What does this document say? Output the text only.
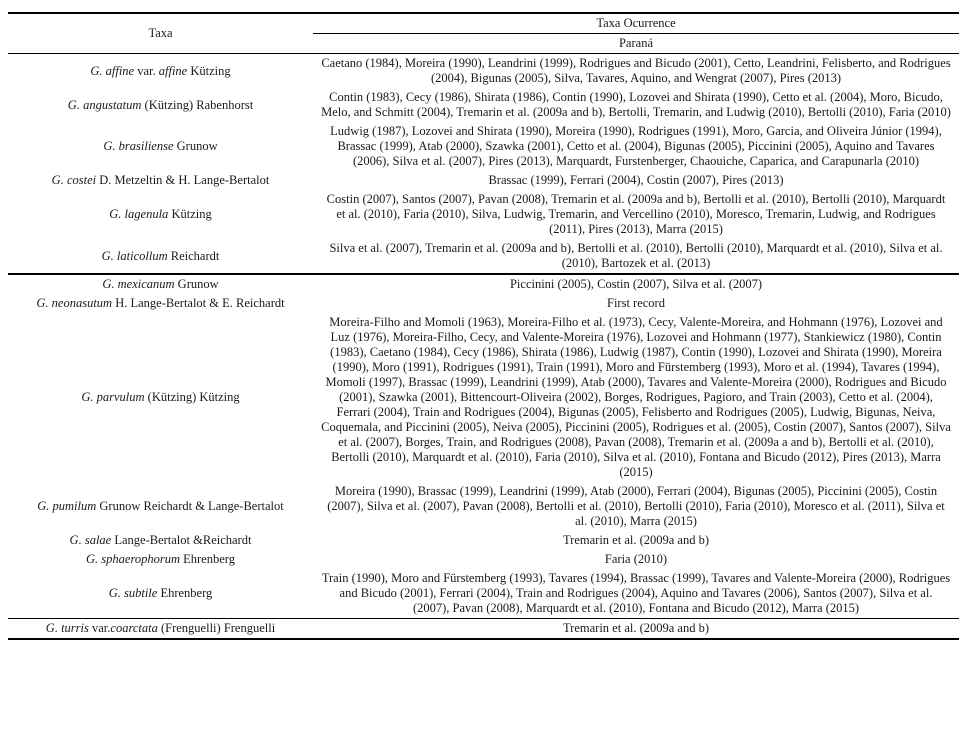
Taxa	Taxa Ocurrence
	Paraná
G. affine var. affine Kützing	Caetano (1984), Moreira (1990), Leandrini (1999), Rodrigues and Bicudo (2001), Cetto, Leandrini, Felisberto, and Rodrigues (2004), Bigunas (2005), Silva, Tavares, Aquino, and Wengrat (2007), Pires (2013)
G. angustatum (Kützing) Rabenhorst	Contin (1983), Cecy (1986), Shirata (1986), Contin (1990), Lozovei and Shirata (1990), Cetto et al. (2004), Moro, Bicudo, Melo, and Schmitt (2004), Tremarin et al. (2009a and b), Bertolli, Tremarin, and Ludwig (2010), Bertolli (2010), Faria (2010)
G. brasiliense Grunow	Ludwig (1987), Lozovei and Shirata (1990), Moreira (1990), Rodrigues (1991), Moro, Garcia, and Oliveira Júnior (1994), Brassac (1999), Atab (2000), Szawka (2001), Cetto et al. (2004), Bigunas (2005), Piccinini (2005), Aquino and Tavares (2006), Silva et al. (2007), Pires (2013), Marquardt, Furstenberger, Chaouiche, Caparica, and Carapunarla (2010)
G. costei D. Metzeltin & H. Lange-Bertalot	Brassac (1999), Ferrari (2004), Costin (2007), Pires (2013)
G. lagenula Kützing	Costin (2007), Santos (2007), Pavan (2008), Tremarin et al. (2009a and b), Bertolli et al. (2010), Bertolli (2010), Marquardt et al. (2010), Faria (2010), Silva, Ludwig, Tremarin, and Vercellino (2010), Moresco, Tremarin, Ludwig, and Rodrigues (2011), Pires (2013), Marra (2015)
G. laticollum Reichardt	Silva et al. (2007), Tremarin et al. (2009a and b), Bertolli et al. (2010), Bertolli (2010), Marquardt et al. (2010), Silva et al. (2010), Bartozek et al. (2013)
G. mexicanum Grunow	Piccinini (2005), Costin (2007), Silva et al. (2007)
G. neonasutum H. Lange-Bertalot & E. Reichardt	First record
G. parvulum (Kützing) Kützing	Moreira-Filho and Momoli (1963), Moreira-Filho et al. (1973), Cecy, Valente-Moreira, and Hohmann (1976), Lozovei and Luz (1976), Moreira-Filho, Cecy, and Valente-Moreira (1976), Lozovei and Hohmann (1977), Stankiewicz (1980), Contin (1983), Caetano (1984), Cecy (1986), Shirata (1986), Ludwig (1987), Contin (1990), Lozovei and Shirata (1990), Moreira (1990), Moro (1991), Rodrigues (1991), Train (1991), Moro and Fürstemberg (1993), Moro et al. (1994), Tavares (1994), Momoli (1997), Brassac (1999), Leandrini (1999), Atab (2000), Tavares and Valente-Moreira (2000), Rodrigues and Bicudo (2001), Szawka (2001), Bittencourt-Oliveira (2002), Borges, Rodrigues, Pagioro, and Train (2003), Cetto et al. (2004), Ferrari (2004), Train and Rodrigues (2004), Bigunas (2005), Felisberto and Rodrigues (2005), Ludwig, Bigunas, Neiva, Coquemala, and Piccinini (2005), Neiva (2005), Piccinini (2005), Rodrigues et al. (2005), Costin (2007), Santos (2007), Silva et al. (2007), Borges, Train, and Rodrigues (2008), Pavan (2008), Tremarin et al. (2009a a and b), Bertolli et al. (2010), Bertolli (2010), Marquardt et al. (2010), Faria (2010), Silva et al. (2010), Fontana and Bicudo (2012), Pires (2013), Marra (2015)
G. pumilum Grunow Reichardt & Lange-Bertalot	Moreira (1990), Brassac (1999), Leandrini (1999), Atab (2000), Ferrari (2004), Bigunas (2005), Piccinini (2005), Costin (2007), Silva et al. (2007), Pavan (2008), Bertolli et al. (2010), Bertolli (2010), Faria (2010), Moresco et al. (2011), Silva et al. (2010), Marra (2015)
G. salae Lange-Bertalot &Reichardt	Tremarin et al. (2009a and b)
G. sphaerophorum Ehrenberg	Faria (2010)
G. subtile Ehrenberg	Train (1990), Moro and Fürstemberg (1993), Tavares (1994), Brassac (1999), Tavares and Valente-Moreira (2000), Rodrigues and Bicudo (2001), Ferrari (2004), Train and Rodrigues (2004), Aquino and Tavares (2006), Santos (2007), Silva et al. (2007), Pavan (2008), Marquardt et al. (2010), Fontana and Bicudo (2012), Marra (2015)
G. turris var.coarctata (Frenguelli) Frenguelli	Tremarin et al. (2009a and b)
